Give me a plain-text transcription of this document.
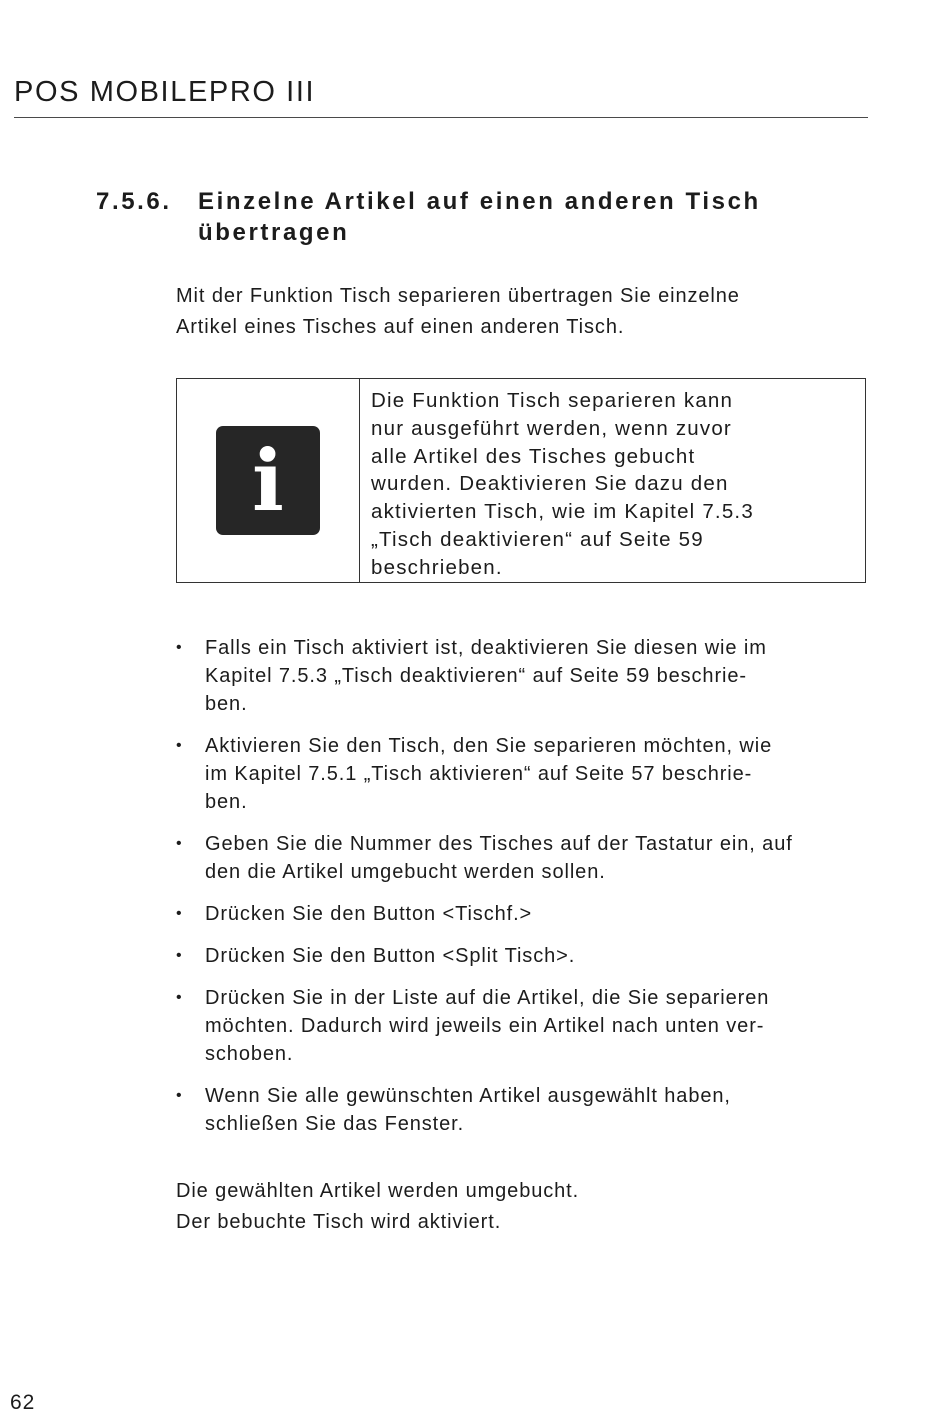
POS MOBILEPRO III
7.5.6. Einzelne Artikel auf einen anderen Tisch
übertragen

Mit der Funktion Tisch separieren übertragen Sie einzelne

Artikel eines Tisches auf einen anderen Tisch.

i
Die Funktion Tisch separieren kann
nur ausgeführt werden, wenn zuvor
alle Artikel des Tisches gebucht
wurden. Deaktivieren Sie dazu den
aktivierten Tisch, wie im Kapitel 7.5.3
„Tisch deaktivieren“ auf Seite 59
beschrieben.
•	Falls ein Tisch aktiviert ist, deaktivieren Sie diesen wie im
Kapitel 7.5.3 „Tisch deaktivieren“ auf Seite 59 beschrie-
ben.
•	Aktivieren Sie den Tisch, den Sie separieren möchten, wie
im Kapitel 7.5.1 „Tisch aktivieren“ auf Seite 57 beschrie-
ben.
•	Geben Sie die Nummer des Tisches auf der Tastatur ein, auf
den die Artikel umgebucht werden sollen.
•	Drücken Sie den Button <Tischf.>
•	Drücken Sie den Button <Split Tisch>.
•	Drücken Sie in der Liste auf die Artikel, die Sie separieren
möchten. Dadurch wird jeweils ein Artikel nach unten ver-
schoben.
•	Wenn Sie alle gewünschten Artikel ausgewählt haben,
schließen Sie das Fenster.

Die gewählten Artikel werden umgebucht.

Der bebuchte Tisch wird aktiviert.

62
